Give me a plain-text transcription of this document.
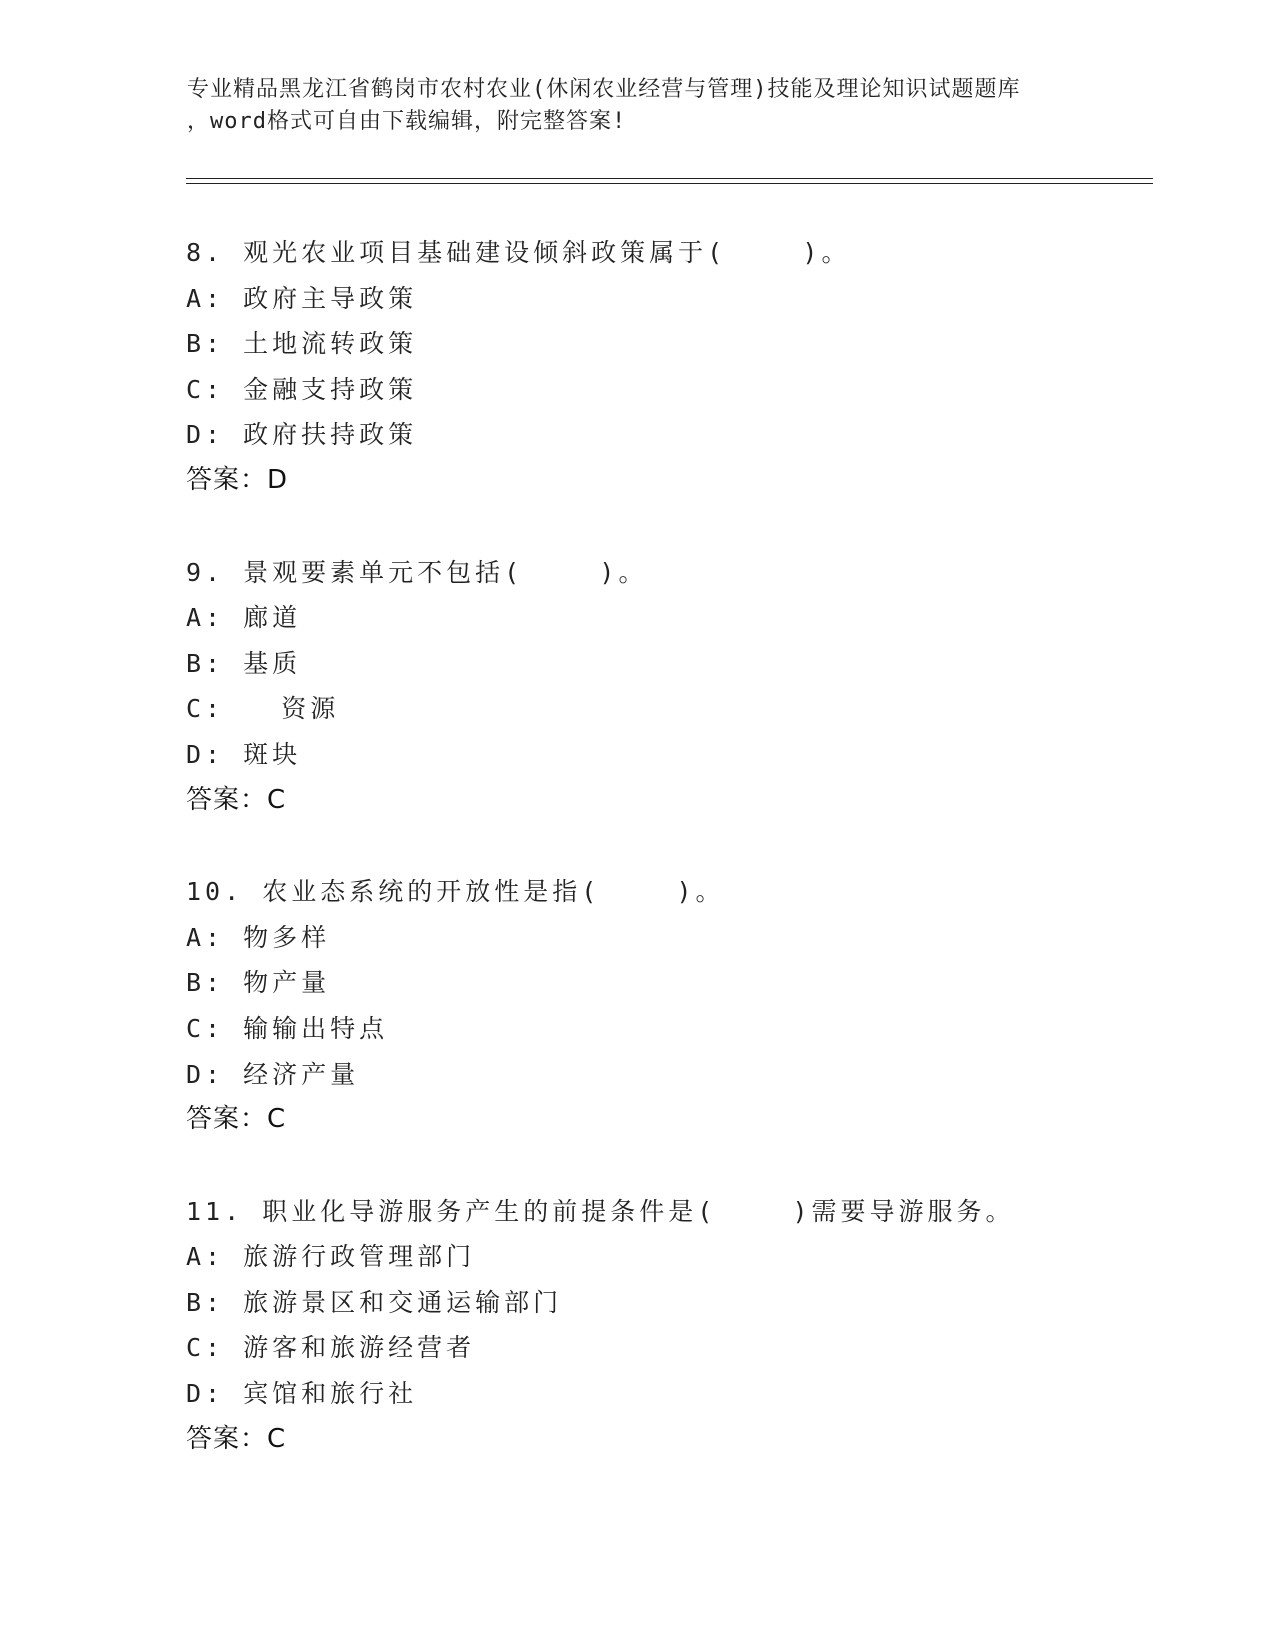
专业精品黑龙江省鹤岗市农村农业(休闲农业经营与管理)技能及理论知识试题题库
，word格式可自由下载编辑，附完整答案!
8. 观光农业项目基础建设倾斜政策属于(    )。
A: 政府主导政策
B: 土地流转政策
C: 金融支持政策
D: 政府扶持政策
答案：D
9. 景观要素单元不包括(    )。
A: 廊道
B: 基质
C:   资源
D: 斑块
答案：C
10. 农业态系统的开放性是指(    )。
A: 物多样
B: 物产量
C: 输输出特点
D: 经济产量
答案：C
11. 职业化导游服务产生的前提条件是(    )需要导游服务。
A: 旅游行政管理部门
B: 旅游景区和交通运输部门
C: 游客和旅游经营者
D: 宾馆和旅行社
答案：C
